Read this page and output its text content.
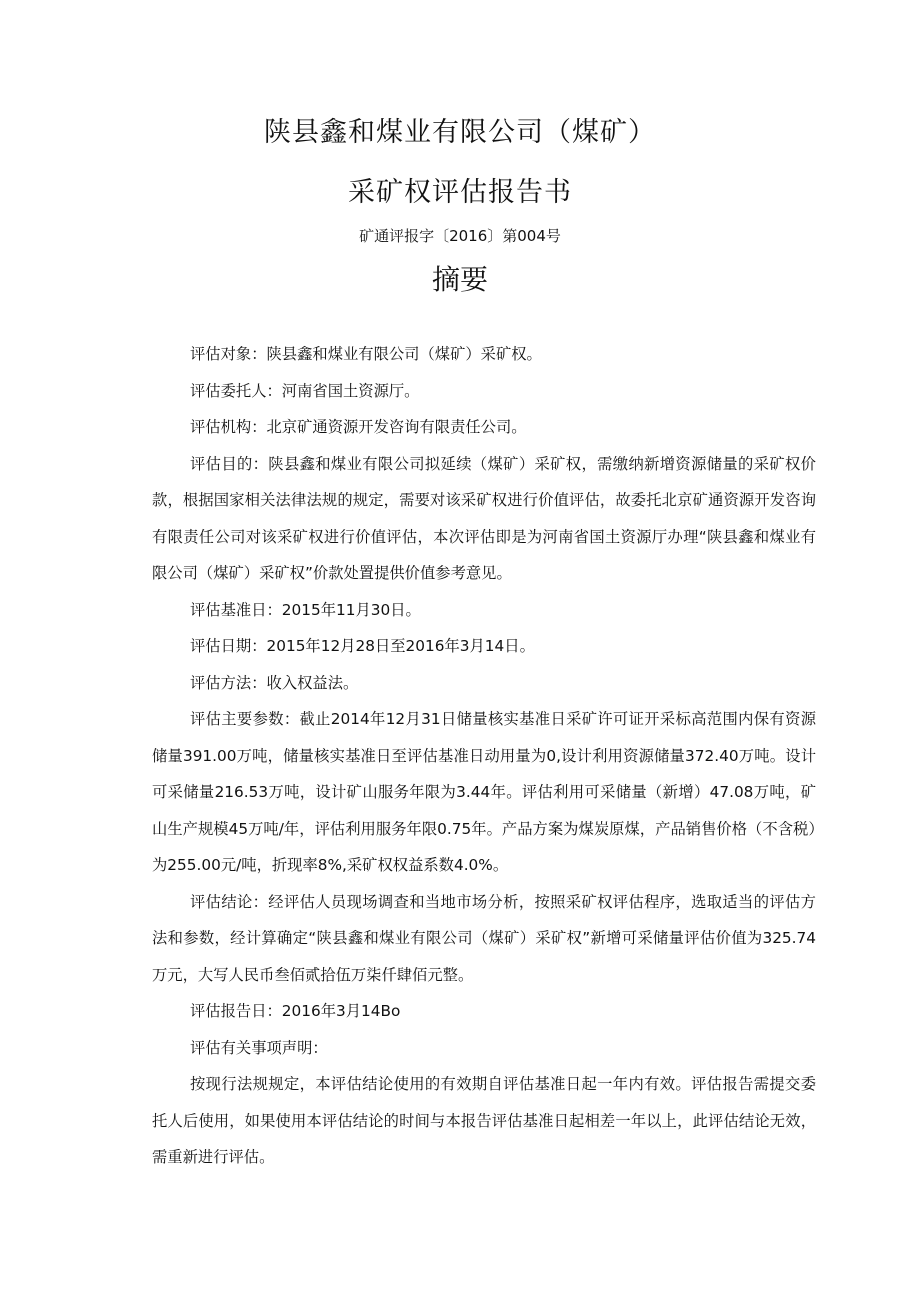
陕县鑫和煤业有限公司（煤矿）
采矿权评估报告书
矿通评报字〔2016〕第004号
摘要

评估对象：陕县鑫和煤业有限公司（煤矿）采矿权。

评估委托人：河南省国土资源厅。

评估机构：北京矿通资源开发咨询有限责任公司。

评估目的：陕县鑫和煤业有限公司拟延续（煤矿）采矿权，需缴纳新增资源储量的采矿权价款，根据国家相关法律法规的规定，需要对该采矿权进行价值评估，故委托北京矿通资源开发咨询有限责任公司对该采矿权进行价值评估，本次评估即是为河南省国土资源厅办理“陕县鑫和煤业有限公司（煤矿）采矿权”价款处置提供价值参考意见。

评估基准日：2015年11月30日。

评估日期：2015年12月28日至2016年3月14日。

评估方法：收入权益法。

评估主要参数：截止2014年12月31日储量核实基准日采矿许可证开采标高范围内保有资源储量391.00万吨，储量核实基准日至评估基准日动用量为0,设计利用资源储量372.40万吨。设计可采储量216.53万吨，设计矿山服务年限为3.44年。评估利用可采储量（新增）47.08万吨，矿山生产规模45万吨/年，评估利用服务年限0.75年。产品方案为煤炭原煤，产品销售价格（不含税）为255.00元/吨，折现率8%,采矿权权益系数4.0%。

评估结论：经评估人员现场调查和当地市场分析，按照采矿权评估程序，选取适当的评估方法和参数，经计算确定“陕县鑫和煤业有限公司（煤矿）采矿权”新增可采储量评估价值为325.74万元，大写人民币叁佰贰拾伍万柒仟肆佰元整。

评估报告日：2016年3月14Bo

评估有关事项声明：

按现行法规规定，本评估结论使用的有效期自评估基准日起一年内有效。评估报告需提交委托人后使用，如果使用本评估结论的时间与本报告评估基准日起相差一年以上，此评估结论无效，需重新进行评估。
